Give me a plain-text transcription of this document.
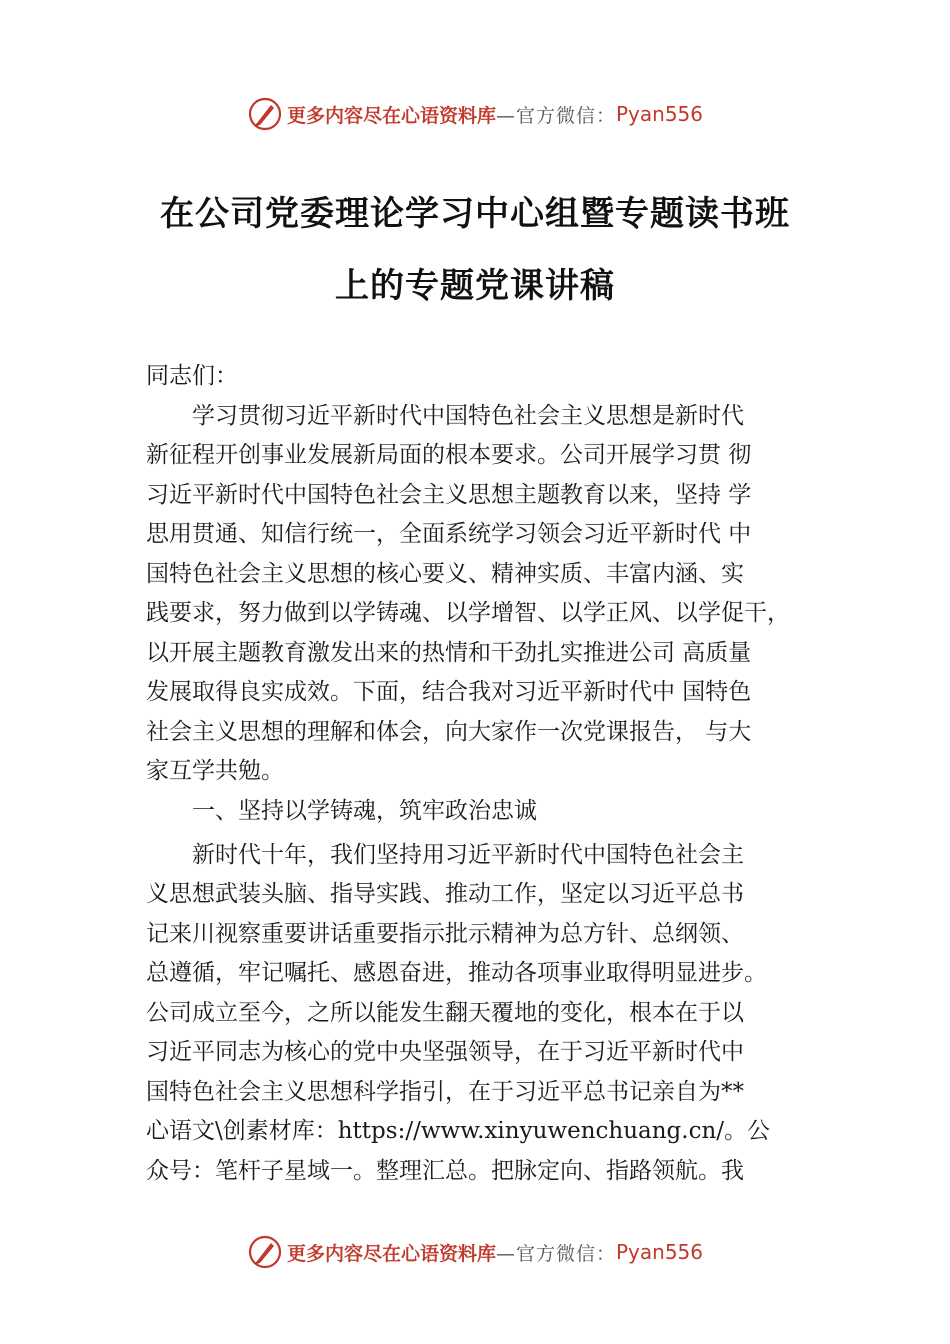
更多内容尽在心语资料库 —官方微信： Pyan556
在公司党委理论学习中心组暨专题读书班
上的专题党课讲稿
同志们：
　　学习贯彻习近平新时代中国特色社会主义思想是新时代
新征程开创事业发展新局面的根本要求。公司开展学习贯 彻
习近平新时代中国特色社会主义思想主题教育以来，坚持 学
思用贯通、知信行统一，全面系统学习领会习近平新时代 中
国特色社会主义思想的核心要义、精神实质、丰富内涵、实
践要求，努力做到以学铸魂、以学增智、以学正风、以学促干，
以开展主题教育激发出来的热情和干劲扎实推进公司 高质量
发展取得良实成效。下面，结合我对习近平新时代中 国特色
社会主义思想的理解和体会，向大家作一次党课报告， 与大
家互学共勉。
　　一、坚持以学铸魂，筑牢政治忠诚
　　新时代十年，我们坚持用习近平新时代中国特色社会主
义思想武装头脑、指导实践、推动工作，坚定以习近平总书
记来川视察重要讲话重要指示批示精神为总方针、总纲领、
总遵循，牢记嘱托、感恩奋进，推动各项事业取得明显进步。
公司成立至今，之所以能发生翻天覆地的变化，根本在于以
习近平同志为核心的党中央坚强领导，在于习近平新时代中
国特色社会主义思想科学指引，在于习近平总书记亲自为**
心语文\创素材库：https://www.xinyuwenchuang.cn/。公
众号：笔杆子星域一。整理汇总。把脉定向、指路领航。我
更多内容尽在心语资料库 —官方微信： Pyan556
